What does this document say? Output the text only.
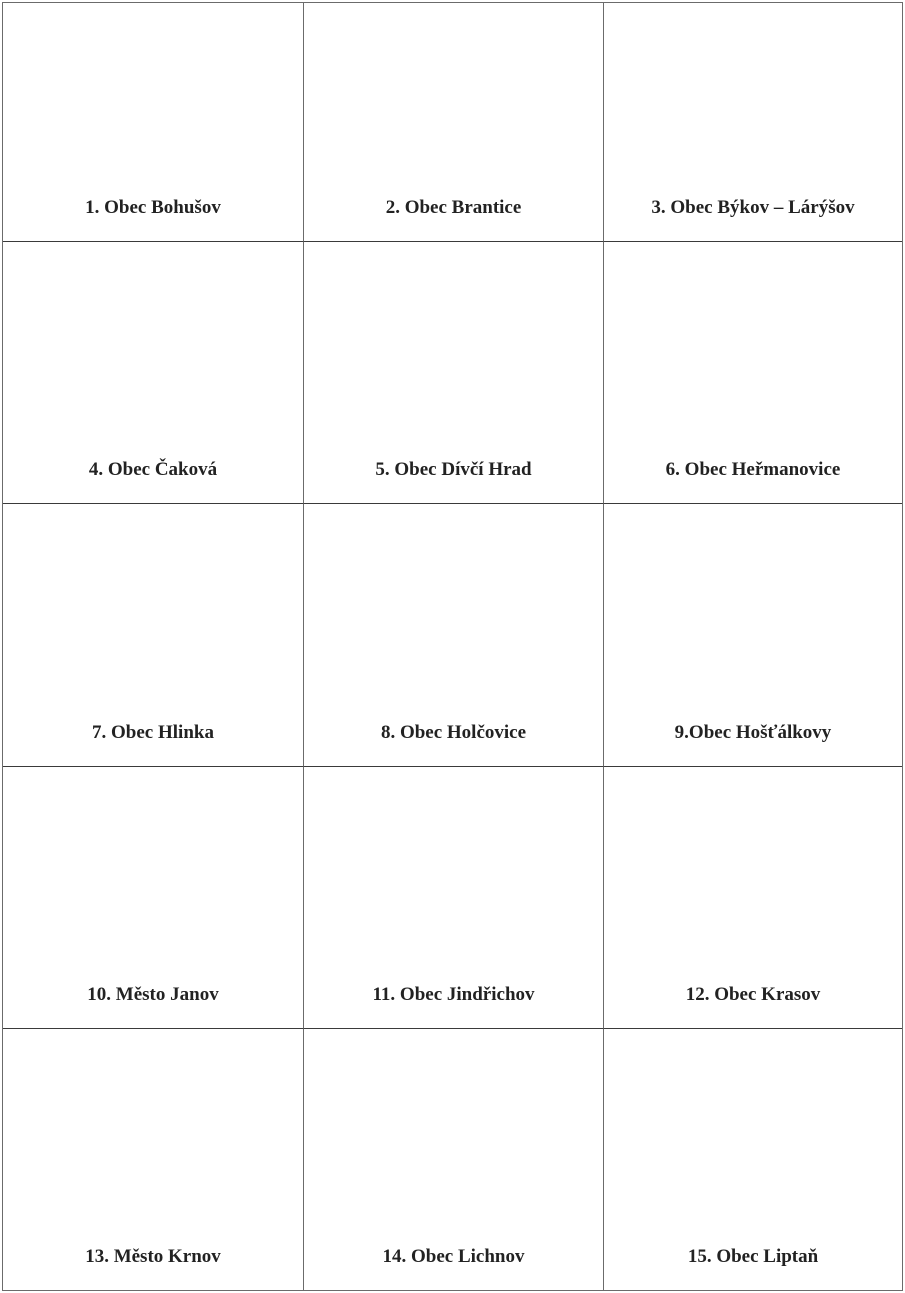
1. Obec Bohušov	2. Obec Brantice	3. Obec Býkov – Lárýšov
4. Obec Čaková	5. Obec Dívčí Hrad	6. Obec Heřmanovice
7. Obec Hlinka	8. Obec Holčovice	9.Obec Hošťálkovy
10. Město Janov	11. Obec Jindřichov	12. Obec Krasov
13. Město Krnov	14. Obec Lichnov	15. Obec Liptaň
